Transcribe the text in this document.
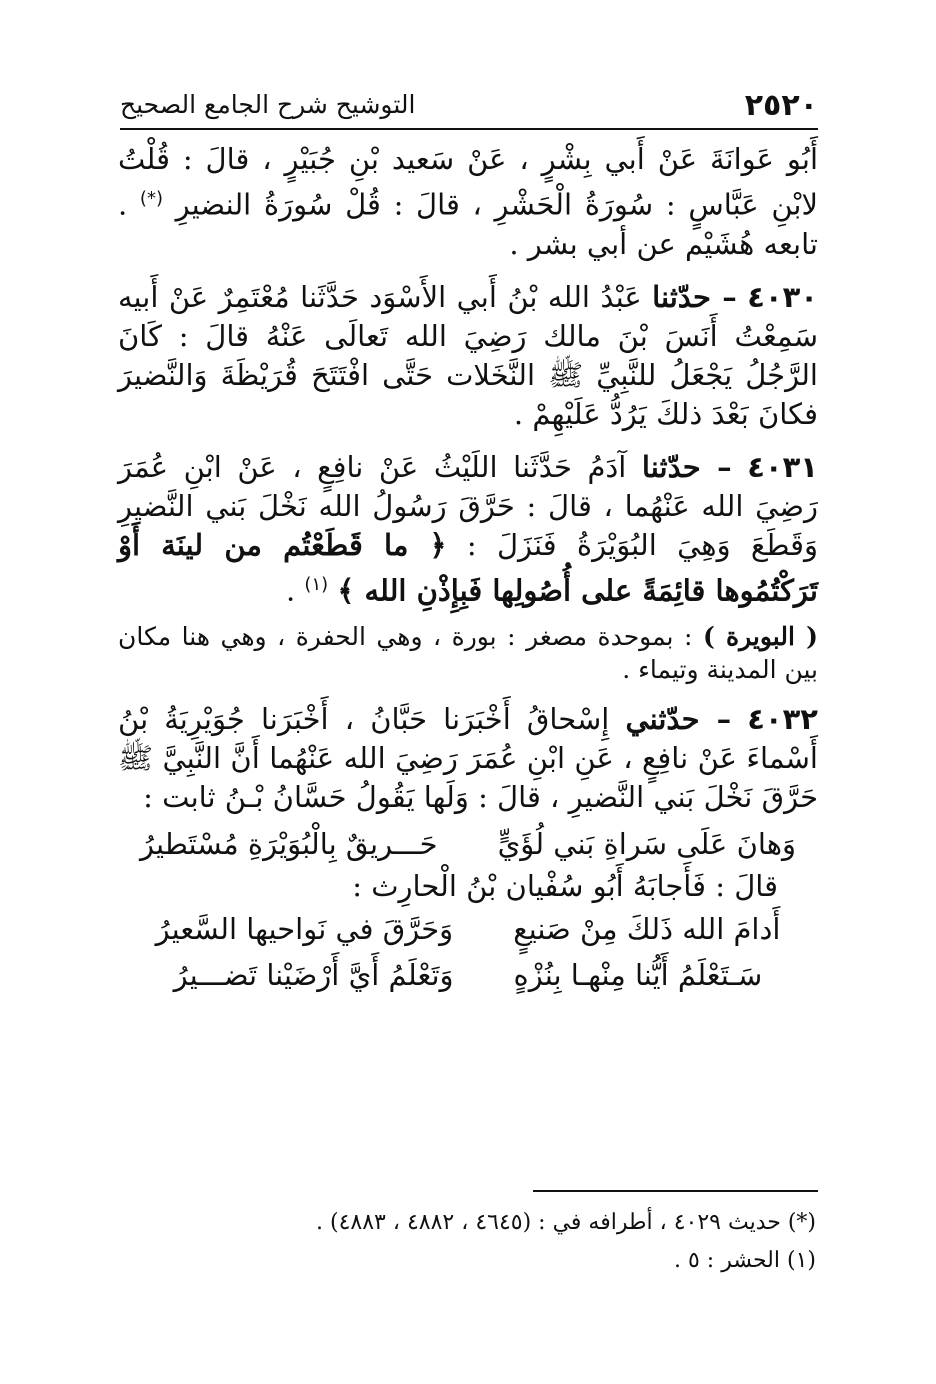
٢٥٢٠
التوشيح شرح الجامع الصحيح

أَبُو عَوانَةَ عَنْ أَبي بِشْرٍ ، عَنْ سَعيد بْنِ جُبَيْرٍ ، قالَ : قُلْتُ لابْنِ عَبَّاسٍ : سُورَةُ الْحَشْرِ ، قالَ : قُلْ سُورَةُ النضيرِ (*) . تابعه هُشَيْم عن أبي بشر .

٤٠٣٠ – حدّثنا عَبْدُ الله بْنُ أَبي الأَسْوَد حَدَّثَنا مُعْتَمِرٌ عَنْ أَبيه سَمِعْتُ أَنَسَ بْنَ مالك رَضِيَ الله تَعالَى عَنْهُ قالَ : كَانَ الرَّجُلُ يَجْعَلُ للنَّبِيِّ ﷺ النَّخَلات حَتَّى افْتَتَحَ قُرَيْظَةَ وَالنَّضيرَ فكانَ بَعْدَ ذلكَ يَرُدُّ عَلَيْهِمْ .

٤٠٣١ – حدّثنا آدَمُ حَدَّثَنا اللَيْثُ عَنْ نافِعٍ ، عَنْ ابْنِ عُمَرَ رَضِيَ الله عَنْهُما ، قالَ : حَرَّقَ رَسُولُ الله نَخْلَ بَني النَّضيرِ وَقَطَعَ وَهِيَ البُوَيْرَةُ فَنَزَلَ : ﴿ ما قَطَعْتُم من لينَة أَوْ تَرَكْتُمُوها قائِمَةً على أُصُولِها فَبِإِذْنِ الله ﴾ $^{(١)}$ .

( البويرة ) : بموحدة مصغر : بورة ، وهي الحفرة ، وهي هنا مكان بين المدينة وتيماء .

٤٠٣٢ – حدّثني إِسْحاقُ أَخْبَرَنا حَبَّانُ ، أَخْبَرَنا جُوَيْرِيَةُ بْنُ أَسْماءَ عَنْ نافِعٍ ، عَنِ ابْنِ عُمَرَ رَضِيَ الله عَنْهُما أَنَّ النَّبِيَّ ﷺ حَرَّقَ نَخْلَ بَني النَّضيرِ ، قالَ : وَلَها يَقُولُ حَسَّانُ بْـنُ ثابت :

وَهانَ عَلَى سَراةِ بَني لُؤَيٍّ
حَـــريقٌ بِالْبُوَيْرَةِ مُسْتَطيرُ
قالَ : فَأَجابَهُ أَبُو سُفْيان بْنُ الْحارِث :
أَدامَ الله ذَلكَ مِنْ صَنيعٍ
وَحَرَّقَ في نَواحيها السَّعيرُ
سَـتَعْلَمُ أَيُّنا مِنْهـا بِنُزْهٍ
وَتَعْلَمُ أَيَّ أَرْضَيْنا تَضـــيرُ

(*) حديث ٤٠٢٩ ، أطرافه في : (٤٦٤٥ ، ٤٨٨٢ ، ٤٨٨٣) .

(١) الحشر : ٥ .
